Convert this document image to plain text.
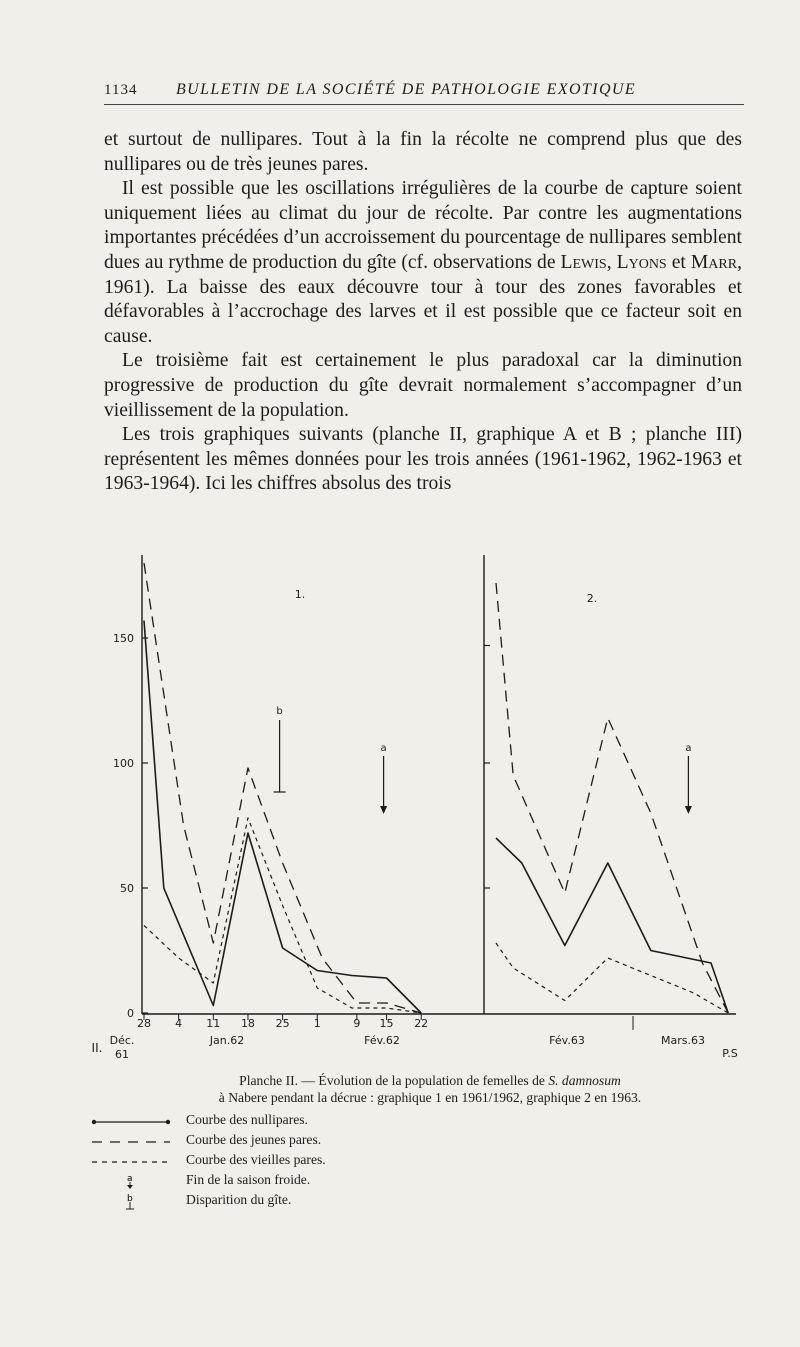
1134 BULLETIN DE LA SOCIÉTÉ DE PATHOLOGIE EXOTIQUE

et surtout de nullipares. Tout à la fin la récolte ne comprend plus que des nullipares ou de très jeunes pares.

Il est possible que les oscillations irrégulières de la courbe de capture soient uniquement liées au climat du jour de récolte. Par contre les augmentations importantes précédées d’un accroissement du pourcentage de nullipares semblent dues au rythme de production du gîte (cf. observations de Lewis, Lyons et Marr, 1961). La baisse des eaux découvre tour à tour des zones favorables et défavorables à l’accrochage des larves et il est possible que ce facteur soit en cause.

Le troisième fait est certainement le plus paradoxal car la diminution progressive de production du gîte devrait normalement s’accompagner d’un vieillissement de la population.

Les trois graphiques suivants (planche II, graphique A et B ; planche III) représentent les mêmes données pour les trois années (1961-1962, 1962-1963 et 1963-1964). Ici les chiffres absolus des trois

0
50
100
150
28 4 11 18 25 1	9 15 22
Déc.
61
Jan.62	Fév.62
1.
b
a
Fév.63	Mars.63
2.
a
II.	P.S
Planche II. — Évolution de la population de femelles de S. damnosum
à Nabere pendant la décrue : graphique 1 en 1961/1962, graphique 2 en 1963.
Courbe des nullipares.
Courbe des jeunes pares.
Courbe des vieilles pares.
a	Fin de la saison froide.
b	Disparition du gîte.
